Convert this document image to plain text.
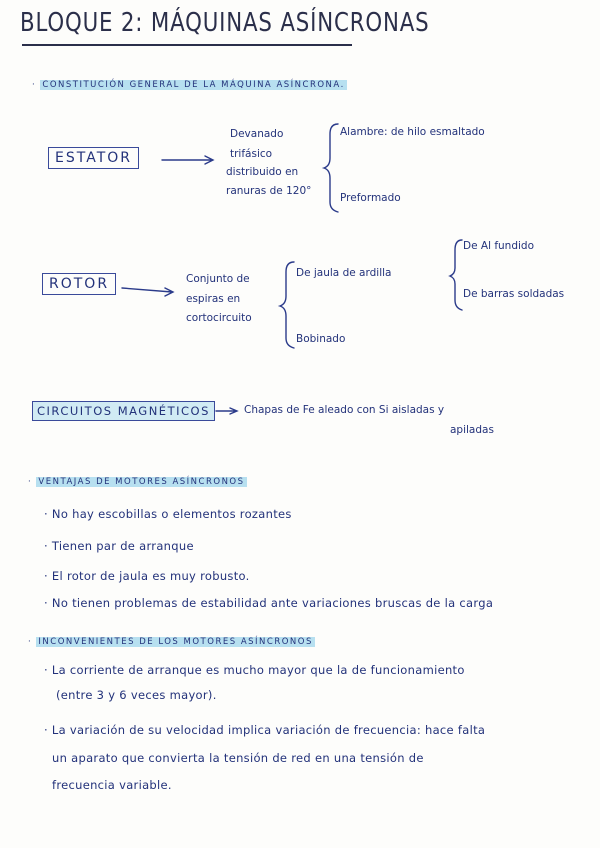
BLOQUE 2: MÁQUINAS ASÍNCRONAS
· CONSTITUCIÓN GENERAL DE LA MÁQUINA ASÍNCRONA.
ESTATOR
Devanado
trifásico
distribuido en
ranuras de 120°
Alambre: de hilo esmaltado
Preformado
ROTOR	Conjunto de
espiras en
cortocircuito
De jaula de ardilla
Bobinado
De Al fundido
De barras soldadas
CIRCUITOS MAGNÉTICOS	Chapas de Fe aleado con Si aisladas y
apiladas
· VENTAJAS DE MOTORES ASÍNCRONOS
· No hay escobillas o elementos rozantes
· Tienen par de arranque
· El rotor de jaula es muy robusto.
· No tienen problemas de estabilidad ante variaciones bruscas de la carga
· INCONVENIENTES DE LOS MOTORES ASÍNCRONOS
· La corriente de arranque es mucho mayor que la de funcionamiento
(entre 3 y 6 veces mayor).
· La variación de su velocidad implica variación de frecuencia: hace falta
un aparato que convierta la tensión de red en una tensión de
frecuencia variable.
